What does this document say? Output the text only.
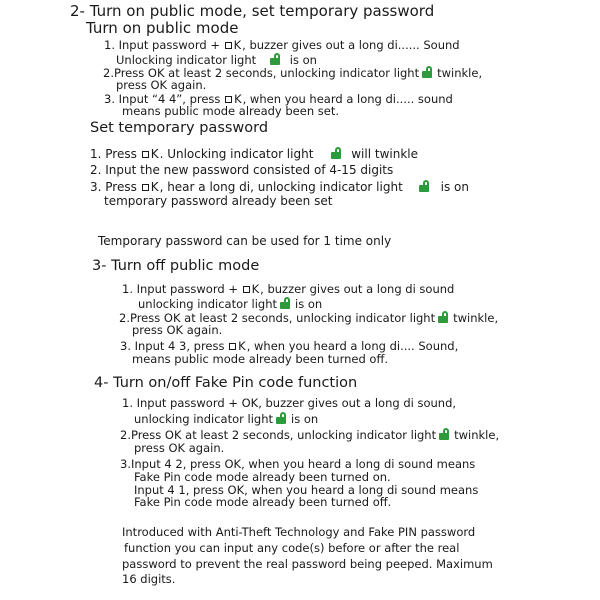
2- Turn on public mode, set temporary password
Turn on public mode
1. Input password + K, buzzer gives out a long di...... Sound
Unlocking indicator light	is on
2.Press OK at least 2 seconds, unlocking indicator light twinkle,
press OK again.
3. Input “4 4”, press K, when you heard a long di..... sound
means public mode already been set.
Set temporary password
1. Press K. Unlocking indicator light	will twinkle
2. Input the new password consisted of 4-15 digits
3. Press K, hear a long di, unlocking indicator light	is on
temporary password already been set
Temporary password can be used for 1 time only
3- Turn off public mode
1. Input password + K, buzzer gives out a long di sound
unlocking indicator light is on
2.Press OK at least 2 seconds, unlocking indicator light twinkle,
press OK again.
3. Input 4 3, press K, when you heard a long di.... Sound,
means public mode already been turned off.
4- Turn on/off Fake Pin code function
1. Input password + OK, buzzer gives out a long di sound,
unlocking indicator light is on
2.Press OK at least 2 seconds, unlocking indicator light twinkle,
press OK again.
3.Input 4 2, press OK, when you heard a long di sound means
Fake Pin code mode already been turned on.
Input 4 1, press OK, when you heard a long di sound means
Fake Pin code mode already been turned off.
Introduced with Anti-Theft Technology and Fake PIN password
function you can input any code(s) before or after the real
password to prevent the real password being peeped. Maximum
16 digits.
